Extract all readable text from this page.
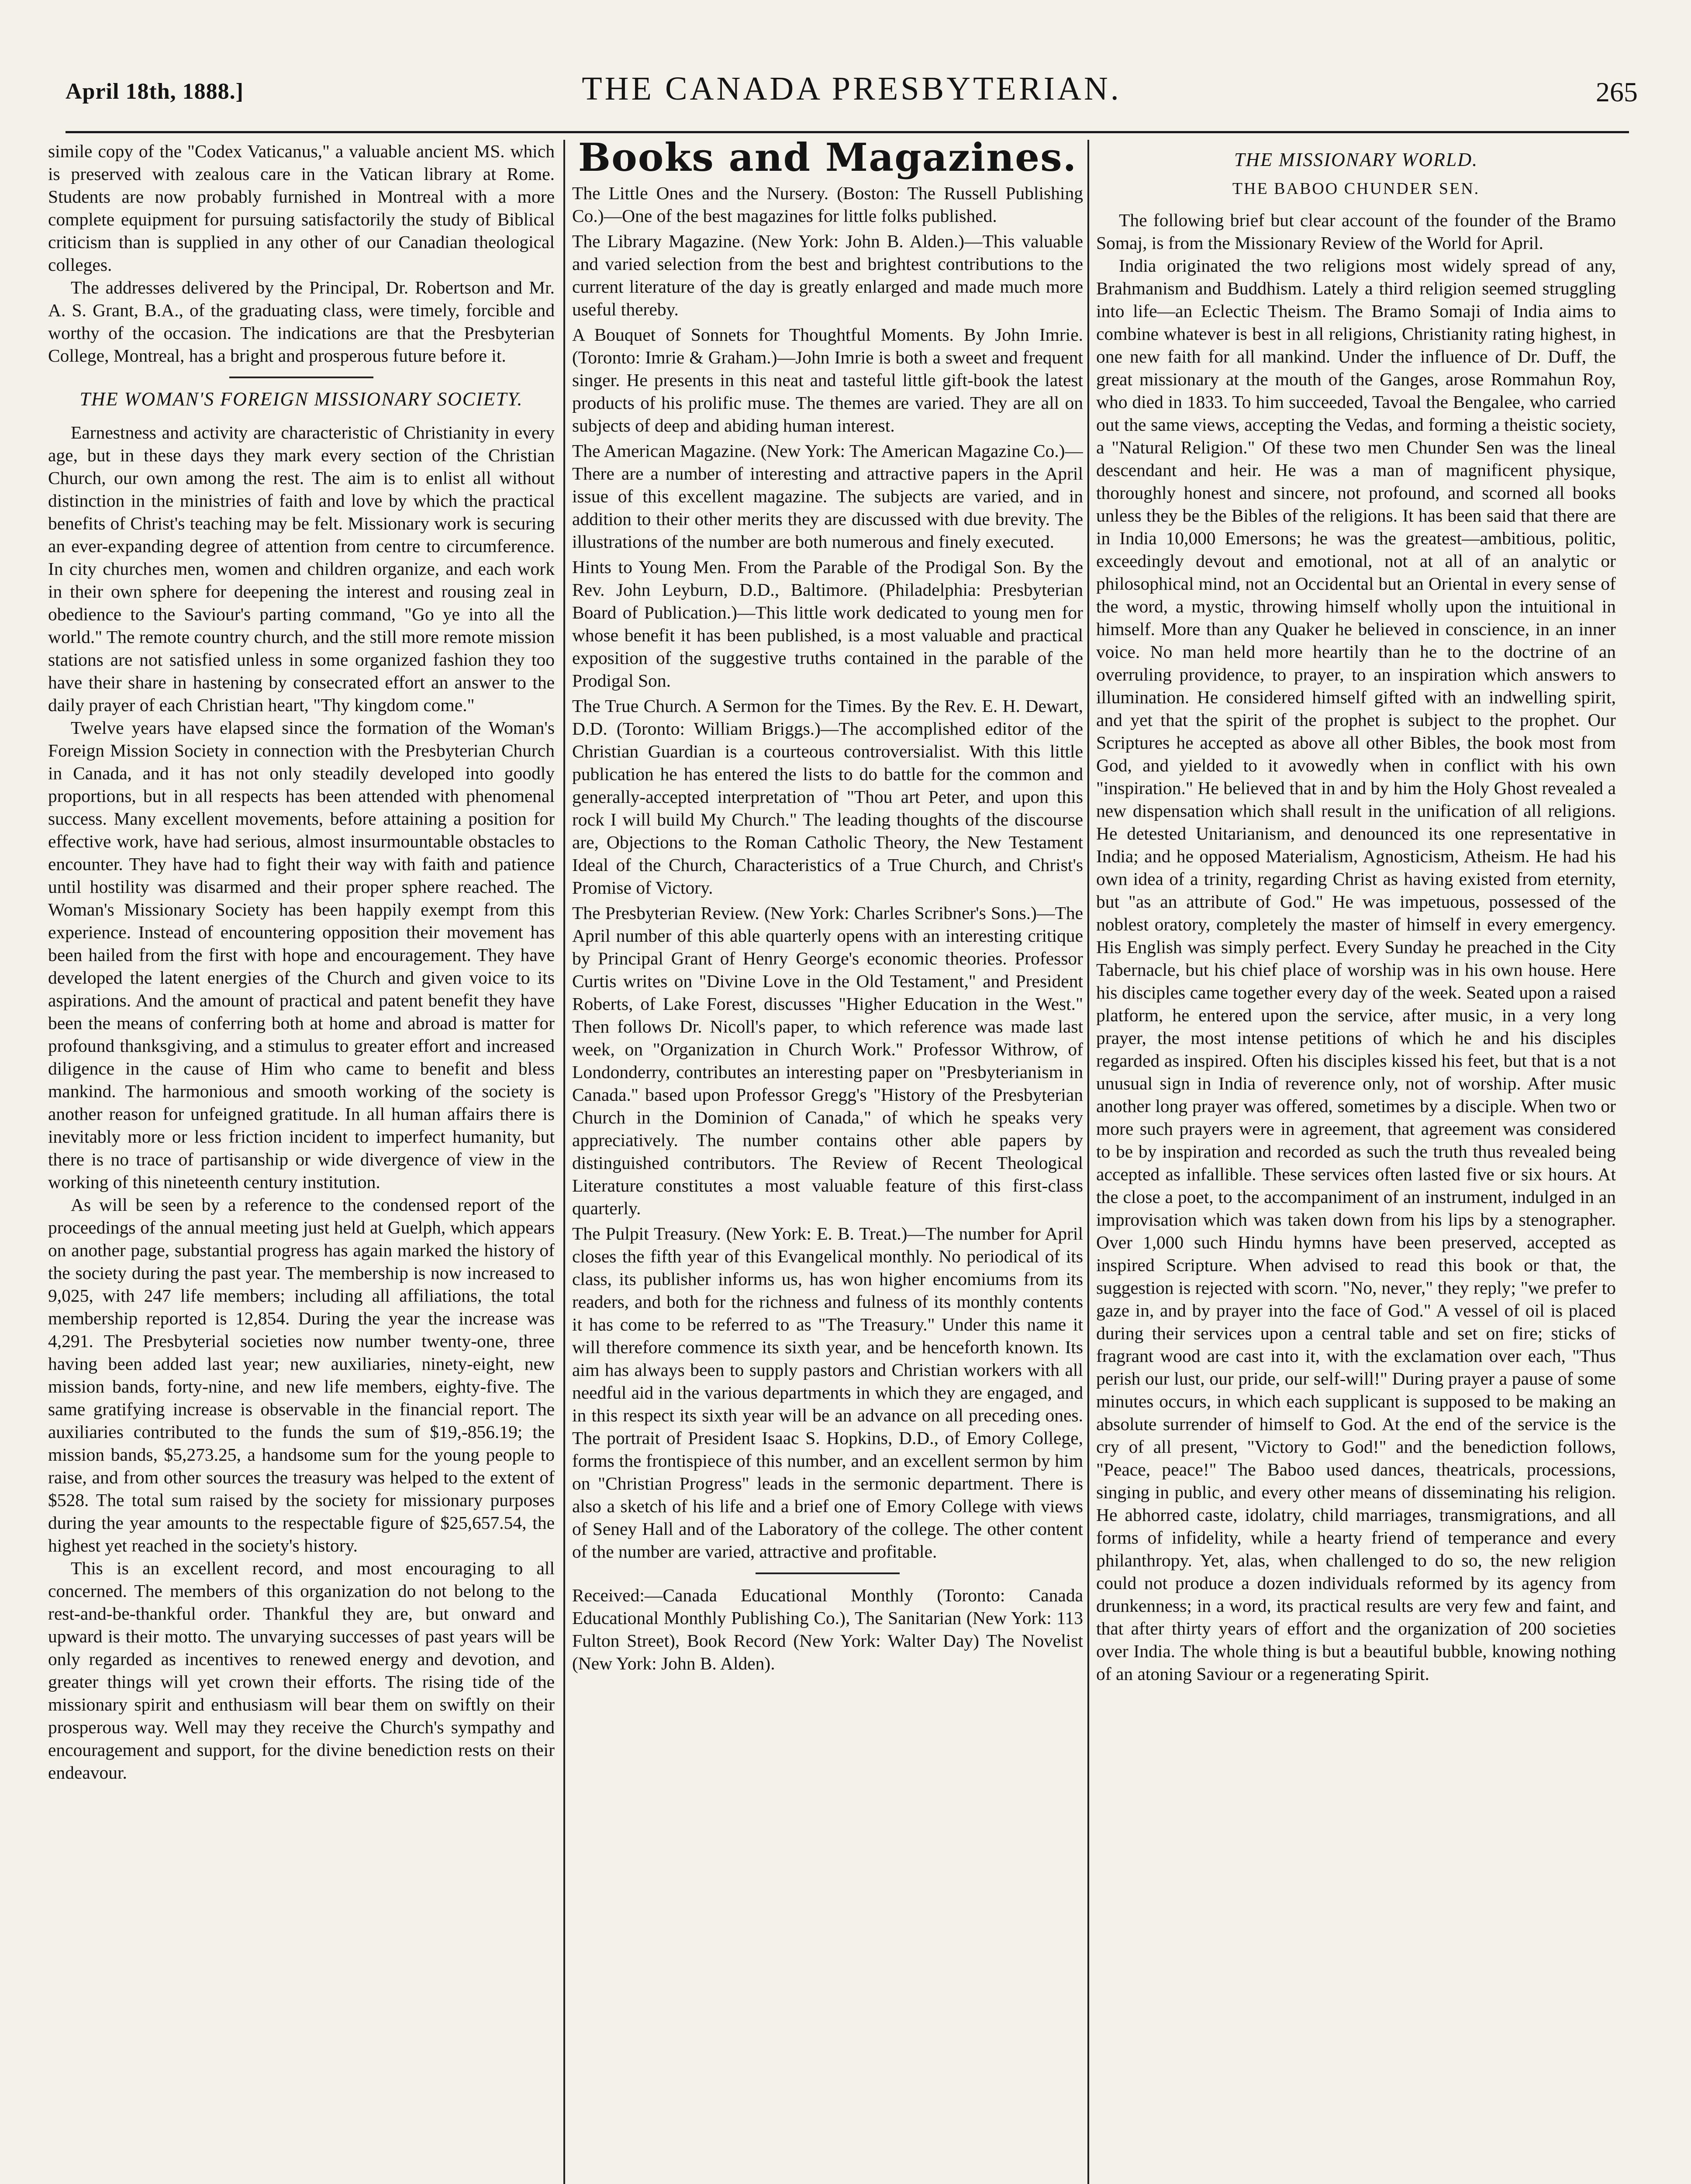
April 18th, 1888.]	THE CANADA PRESBYTERIAN.	265

simile copy of the "Codex Vaticanus," a valuable ancient MS. which is preserved with zealous care in the Vatican library at Rome. Students are now probably furnished in Montreal with a more complete equipment for pursuing satisfactorily the study of Biblical criticism than is supplied in any other of our Canadian theological colleges.

The addresses delivered by the Principal, Dr. Robertson and Mr. A. S. Grant, B.A., of the graduating class, were timely, forcible and worthy of the occasion. The indications are that the Presbyterian College, Montreal, has a bright and prosperous future before it.

THE WOMAN'S FOREIGN MISSIONARY SOCIETY.

Earnestness and activity are characteristic of Christianity in every age, but in these days they mark every section of the Christian Church, our own among the rest. The aim is to enlist all without distinction in the ministries of faith and love by which the practical benefits of Christ's teaching may be felt. Missionary work is securing an ever-expanding degree of attention from centre to circumference. In city churches men, women and children organize, and each work in their own sphere for deepening the interest and rousing zeal in obedience to the Saviour's parting command, "Go ye into all the world." The remote country church, and the still more remote mission stations are not satisfied unless in some organized fashion they too have their share in hastening by consecrated effort an answer to the daily prayer of each Christian heart, "Thy kingdom come."

Twelve years have elapsed since the formation of the Woman's Foreign Mission Society in connection with the Presbyterian Church in Canada, and it has not only steadily developed into goodly proportions, but in all respects has been attended with phenomenal success. Many excellent movements, before attaining a position for effective work, have had serious, almost insurmountable obstacles to encounter. They have had to fight their way with faith and patience until hostility was disarmed and their proper sphere reached. The Woman's Missionary Society has been happily exempt from this experience. Instead of encountering opposition their movement has been hailed from the first with hope and encouragement. They have developed the latent energies of the Church and given voice to its aspirations. And the amount of practical and patent benefit they have been the means of conferring both at home and abroad is matter for profound thanksgiving, and a stimulus to greater effort and increased diligence in the cause of Him who came to benefit and bless mankind. The harmonious and smooth working of the society is another reason for unfeigned gratitude. In all human affairs there is inevitably more or less friction incident to imperfect humanity, but there is no trace of partisanship or wide divergence of view in the working of this nineteenth century institution.

As will be seen by a reference to the condensed report of the proceedings of the annual meeting just held at Guelph, which appears on another page, substantial progress has again marked the history of the society during the past year. The membership is now increased to 9,025, with 247 life members; including all affiliations, the total membership reported is 12,854. During the year the increase was 4,291. The Presbyterial societies now number twenty-one, three having been added last year; new auxiliaries, ninety-eight, new mission bands, forty-nine, and new life members, eighty-five. The same gratifying increase is observable in the financial report. The auxiliaries contributed to the funds the sum of $19,-856.19; the mission bands, $5,273.25, a handsome sum for the young people to raise, and from other sources the treasury was helped to the extent of $528. The total sum raised by the society for missionary purposes during the year amounts to the respectable figure of $25,657.54, the highest yet reached in the society's history.

This is an excellent record, and most encouraging to all concerned. The members of this organization do not belong to the rest-and-be-thankful order. Thankful they are, but onward and upward is their motto. The unvarying successes of past years will be only regarded as incentives to renewed energy and devotion, and greater things will yet crown their efforts. The rising tide of the missionary spirit and enthusiasm will bear them on swiftly on their prosperous way. Well may they receive the Church's sympathy and encouragement and support, for the divine benediction rests on their endeavour.

Books and Magazines.

The Little Ones and the Nursery. (Boston: The Russell Publishing Co.)—One of the best magazines for little folks published.

The Library Magazine. (New York: John B. Alden.)—This valuable and varied selection from the best and brightest contributions to the current literature of the day is greatly enlarged and made much more useful thereby.

A Bouquet of Sonnets for Thoughtful Moments. By John Imrie. (Toronto: Imrie & Graham.)—John Imrie is both a sweet and frequent singer. He presents in this neat and tasteful little gift-book the latest products of his prolific muse. The themes are varied. They are all on subjects of deep and abiding human interest.

The American Magazine. (New York: The American Magazine Co.)—There are a number of interesting and attractive papers in the April issue of this excellent magazine. The subjects are varied, and in addition to their other merits they are discussed with due brevity. The illustrations of the number are both numerous and finely executed.

Hints to Young Men. From the Parable of the Prodigal Son. By the Rev. John Leyburn, D.D., Baltimore. (Philadelphia: Presbyterian Board of Publication.)—This little work dedicated to young men for whose benefit it has been published, is a most valuable and practical exposition of the suggestive truths contained in the parable of the Prodigal Son.

The True Church. A Sermon for the Times. By the Rev. E. H. Dewart, D.D. (Toronto: William Briggs.)—The accomplished editor of the Christian Guardian is a courteous controversialist. With this little publication he has entered the lists to do battle for the common and generally-accepted interpretation of "Thou art Peter, and upon this rock I will build My Church." The leading thoughts of the discourse are, Objections to the Roman Catholic Theory, the New Testament Ideal of the Church, Characteristics of a True Church, and Christ's Promise of Victory.

The Presbyterian Review. (New York: Charles Scribner's Sons.)—The April number of this able quarterly opens with an interesting critique by Principal Grant of Henry George's economic theories. Professor Curtis writes on "Divine Love in the Old Testament," and President Roberts, of Lake Forest, discusses "Higher Education in the West." Then follows Dr. Nicoll's paper, to which reference was made last week, on "Organization in Church Work." Professor Withrow, of Londonderry, contributes an interesting paper on "Presbyterianism in Canada." based upon Professor Gregg's "History of the Presbyterian Church in the Dominion of Canada," of which he speaks very appreciatively. The number contains other able papers by distinguished contributors. The Review of Recent Theological Literature constitutes a most valuable feature of this first-class quarterly.

The Pulpit Treasury. (New York: E. B. Treat.)—The number for April closes the fifth year of this Evangelical monthly. No periodical of its class, its publisher informs us, has won higher encomiums from its readers, and both for the richness and fulness of its monthly contents it has come to be referred to as "The Treasury." Under this name it will therefore commence its sixth year, and be henceforth known. Its aim has always been to supply pastors and Christian workers with all needful aid in the various departments in which they are engaged, and in this respect its sixth year will be an advance on all preceding ones. The portrait of President Isaac S. Hopkins, D.D., of Emory College, forms the frontispiece of this number, and an excellent sermon by him on "Christian Progress" leads in the sermonic department. There is also a sketch of his life and a brief one of Emory College with views of Seney Hall and of the Laboratory of the college. The other content of the number are varied, attractive and profitable.

Received:—Canada Educational Monthly (Toronto: Canada Educational Monthly Publishing Co.), The Sanitarian (New York: 113 Fulton Street), Book Record (New York: Walter Day) The Novelist (New York: John B. Alden).

THE MISSIONARY WORLD.
THE BABOO CHUNDER SEN.

The following brief but clear account of the founder of the Bramo Somaj, is from the Missionary Review of the World for April.

India originated the two religions most widely spread of any, Brahmanism and Buddhism. Lately a third religion seemed struggling into life—an Eclectic Theism. The Bramo Somaji of India aims to combine whatever is best in all religions, Christianity rating highest, in one new faith for all mankind. Under the influence of Dr. Duff, the great missionary at the mouth of the Ganges, arose Rommahun Roy, who died in 1833. To him succeeded, Tavoal the Bengalee, who carried out the same views, accepting the Vedas, and forming a theistic society, a "Natural Religion." Of these two men Chunder Sen was the lineal descendant and heir. He was a man of magnificent physique, thoroughly honest and sincere, not profound, and scorned all books unless they be the Bibles of the religions. It has been said that there are in India 10,000 Emersons; he was the greatest—ambitious, politic, exceedingly devout and emotional, not at all of an analytic or philosophical mind, not an Occidental but an Oriental in every sense of the word, a mystic, throwing himself wholly upon the intuitional in himself. More than any Quaker he believed in conscience, in an inner voice. No man held more heartily than he to the doctrine of an overruling providence, to prayer, to an inspiration which answers to illumination. He considered himself gifted with an indwelling spirit, and yet that the spirit of the prophet is subject to the prophet. Our Scriptures he accepted as above all other Bibles, the book most from God, and yielded to it avowedly when in conflict with his own "inspiration." He believed that in and by him the Holy Ghost revealed a new dispensation which shall result in the unification of all religions. He detested Unitarianism, and denounced its one representative in India; and he opposed Materialism, Agnosticism, Atheism. He had his own idea of a trinity, regarding Christ as having existed from eternity, but "as an attribute of God." He was impetuous, possessed of the noblest oratory, completely the master of himself in every emergency. His English was simply perfect. Every Sunday he preached in the City Tabernacle, but his chief place of worship was in his own house. Here his disciples came together every day of the week. Seated upon a raised platform, he entered upon the service, after music, in a very long prayer, the most intense petitions of which he and his disciples regarded as inspired. Often his disciples kissed his feet, but that is a not unusual sign in India of reverence only, not of worship. After music another long prayer was offered, sometimes by a disciple. When two or more such prayers were in agreement, that agreement was considered to be by inspiration and recorded as such the truth thus revealed being accepted as infallible. These services often lasted five or six hours. At the close a poet, to the accompaniment of an instrument, indulged in an improvisation which was taken down from his lips by a stenographer. Over 1,000 such Hindu hymns have been preserved, accepted as inspired Scripture. When advised to read this book or that, the suggestion is rejected with scorn. "No, never," they reply; "we prefer to gaze in, and by prayer into the face of God." A vessel of oil is placed during their services upon a central table and set on fire; sticks of fragrant wood are cast into it, with the exclamation over each, "Thus perish our lust, our pride, our self-will!" During prayer a pause of some minutes occurs, in which each supplicant is supposed to be making an absolute surrender of himself to God. At the end of the service is the cry of all present, "Victory to God!" and the benediction follows, "Peace, peace!" The Baboo used dances, theatricals, processions, singing in public, and every other means of disseminating his religion. He abhorred caste, idolatry, child marriages, transmigrations, and all forms of infidelity, while a hearty friend of temperance and every philanthropy. Yet, alas, when challenged to do so, the new religion could not produce a dozen individuals reformed by its agency from drunkenness; in a word, its practical results are very few and faint, and that after thirty years of effort and the organization of 200 societies over India. The whole thing is but a beautiful bubble, knowing nothing of an atoning Saviour or a regenerating Spirit.
